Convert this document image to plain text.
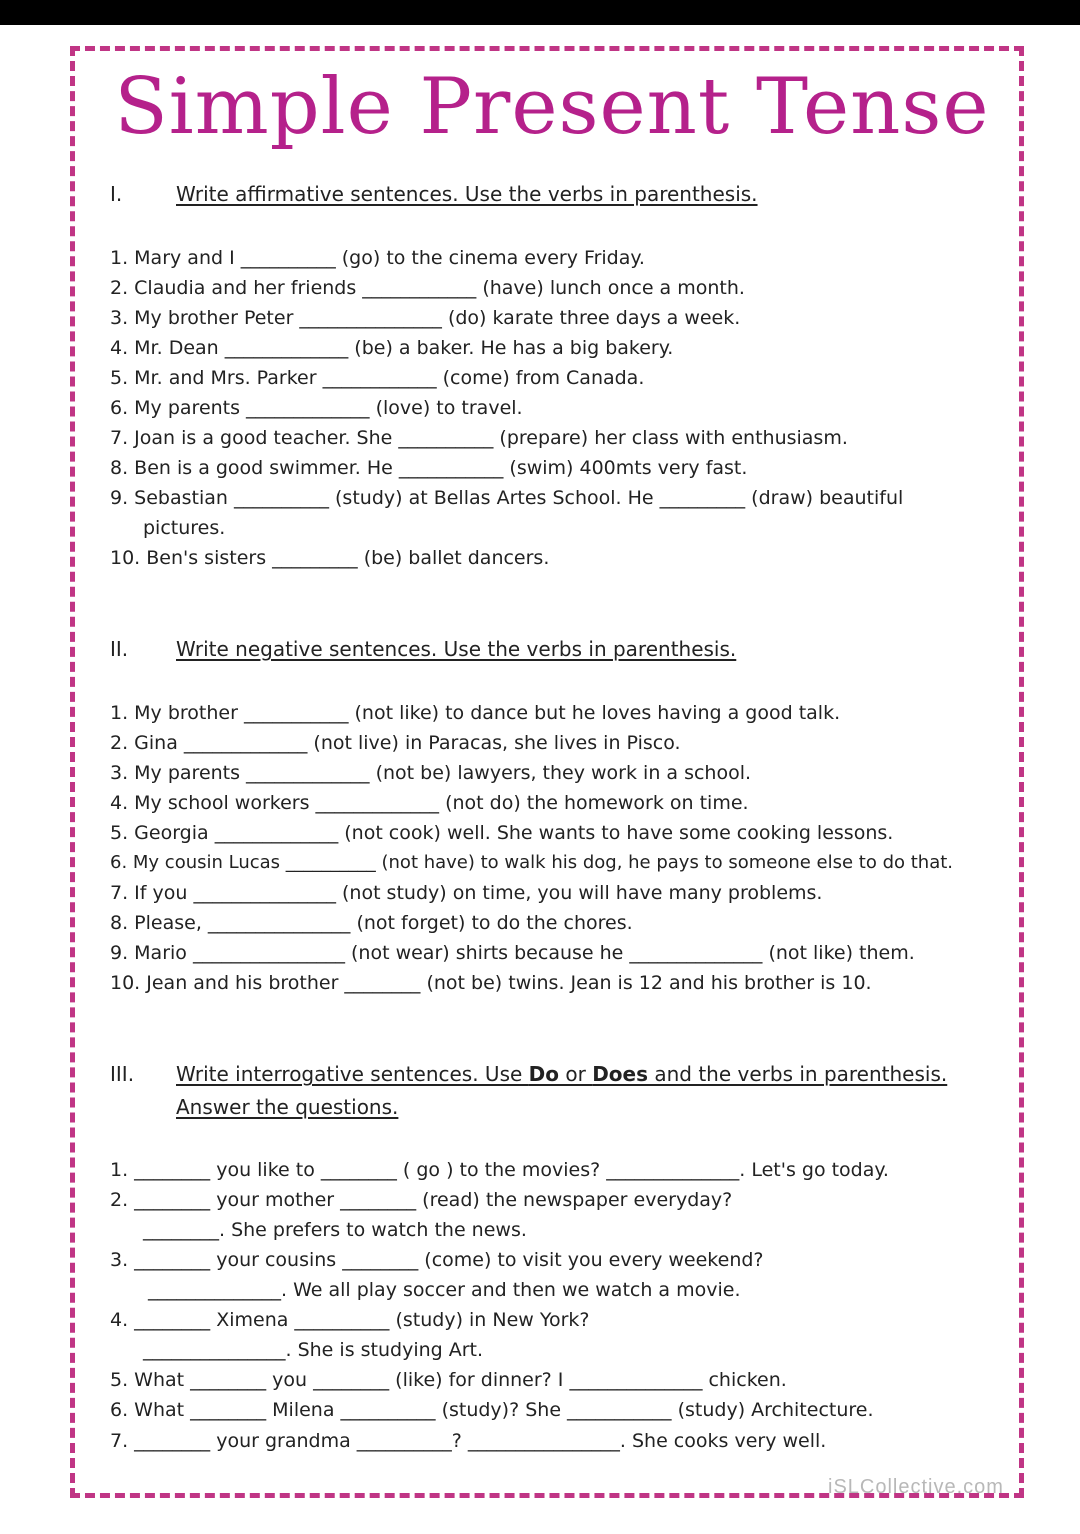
Simple Present Tense
I.	Write affirmative sentences. Use the verbs in parenthesis.
1. Mary and I __________ (go) to the cinema every Friday.
2. Claudia and her friends ____________ (have) lunch once a month.
3. My brother Peter _______________ (do) karate three days a week.
4. Mr. Dean _____________ (be) a baker. He has a big bakery.
5. Mr. and Mrs. Parker ____________ (come) from Canada.
6. My parents _____________ (love) to travel.
7. Joan is a good teacher. She __________ (prepare) her class with enthusiasm.
8. Ben is a good swimmer. He ___________ (swim) 400mts very fast.
9. Sebastian __________ (study) at Bellas Artes School. He _________ (draw) beautiful
pictures.
10. Ben's sisters _________ (be) ballet dancers.
II. Write negative sentences. Use the verbs in parenthesis.
1. My brother ___________ (not like) to dance but he loves having a good talk.
2. Gina _____________ (not live) in Paracas, she lives in Pisco.
3. My parents _____________ (not be) lawyers, they work in a school.
4. My school workers _____________ (not do) the homework on time.
5. Georgia _____________ (not cook) well. She wants to have some cooking lessons.
6. My cousin Lucas __________ (not have) to walk his dog, he pays to someone else to do that.
7. If you _______________ (not study) on time, you will have many problems.
8. Please, _______________ (not forget) to do the chores.
9. Mario ________________ (not wear) shirts because he ______________ (not like) them.
10. Jean and his brother ________ (not be) twins. Jean is 12 and his brother is 10.
III. Write interrogative sentences. Use Do or Does and the verbs in parenthesis.
Answer the questions.
1. ________ you like to ________ ( go ) to the movies? ______________. Let's go today.
2. ________ your mother ________ (read) the newspaper everyday?
________. She prefers to watch the news.
3. ________ your cousins ________ (come) to visit you every weekend?
______________. We all play soccer and then we watch a movie.
4. ________ Ximena __________ (study) in New York?
_______________. She is studying Art.
5. What ________ you ________ (like) for dinner? I ______________ chicken.
6. What ________ Milena __________ (study)? She ___________ (study) Architecture.
7. ________ your grandma __________? ________________. She cooks very well.
iSLCollective.com
